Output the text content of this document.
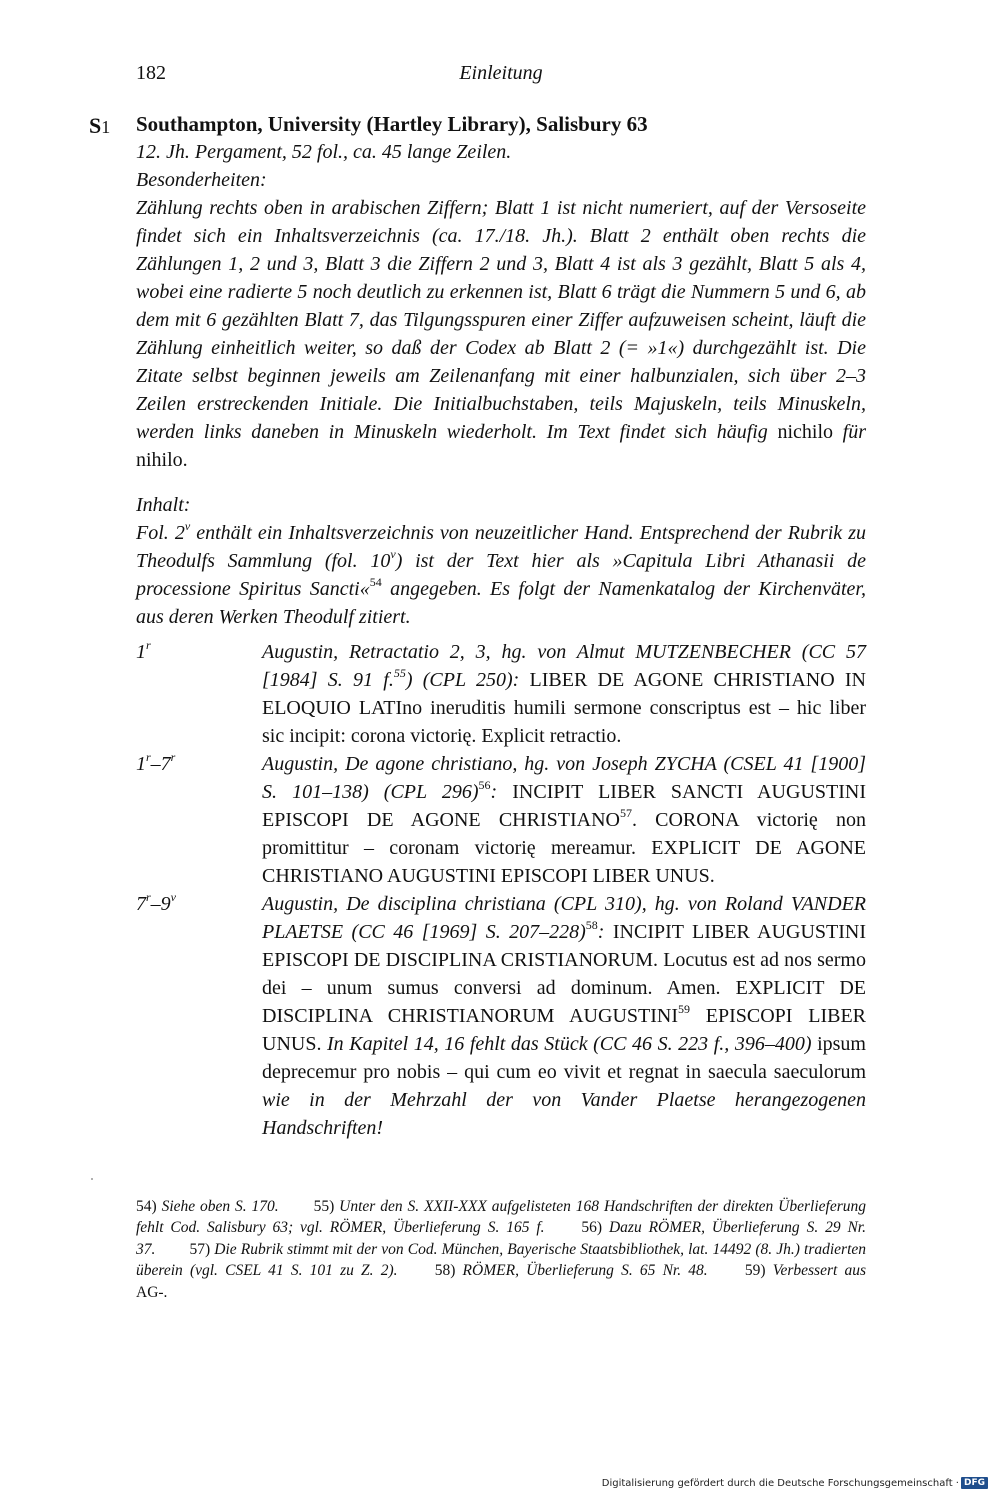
182	Einleitung
S1 Southampton, University (Hartley Library), Salisbury 63

12. Jh. Pergament, 52 fol., ca. 45 lange Zeilen.

Besonderheiten:

Zählung rechts oben in arabischen Ziffern; Blatt 1 ist nicht numeriert, auf der Versoseite findet sich ein Inhaltsverzeichnis (ca. 17./18. Jh.). Blatt 2 enthält oben rechts die Zählungen 1, 2 und 3, Blatt 3 die Ziffern 2 und 3, Blatt 4 ist als 3 gezählt, Blatt 5 als 4, wobei eine radierte 5 noch deutlich zu erkennen ist, Blatt 6 trägt die Nummern 5 und 6, ab dem mit 6 gezählten Blatt 7, das Tilgungsspuren einer Ziffer aufzuweisen scheint, läuft die Zählung einheitlich weiter, so daß der Codex ab Blatt 2 (= »1«) durchgezählt ist. Die Zitate selbst beginnen jeweils am Zeilenanfang mit einer halbunzialen, sich über 2–3 Zeilen erstreckenden Initiale. Die Initialbuchstaben, teils Majuskeln, teils Minuskeln, werden links daneben in Minuskeln wiederholt. Im Text findet sich häufig nichilo für nihilo.

Inhalt:

Fol. 2$^v$ enthält ein Inhaltsverzeichnis von neuzeitlicher Hand. Entsprechend der Rubrik zu Theodulfs Sammlung (fol. 10$^v$) ist der Text hier als »Capitula Libri Athanasii de processione Spiritus Sancti«$^{54}$ angegeben. Es folgt der Namenkatalog der Kirchenväter, aus deren Werken Theodulf zitiert.

1$^r$	Augustin, Retractatio 2, 3, hg. von Almut MUTZENBECHER (CC 57 [1984] S. 91 f.$^{55}$) (CPL 250): LIBER DE AGONE CHRISTIANO IN ELOQUIO LATIno ineruditis humili sermone conscriptus est – hic liber sic incipit: corona victorię. Explicit retractio.
1$^r$–7$^r$	Augustin, De agone christiano, hg. von Joseph ZYCHA (CSEL 41 [1900] S. 101–138) (CPL 296)$^{56}$: INCIPIT LIBER SANCTI AUGUSTINI EPISCOPI DE AGONE CHRISTIANO$^{57}$. CORONA victorię non promittitur – coronam victorię mereamur. EXPLICIT DE AGONE CHRISTIANO AUGUSTINI EPISCOPI LIBER UNUS.
7$^r$–9$^v$	Augustin, De disciplina christiana (CPL 310), hg. von Roland VANDER PLAETSE (CC 46 [1969] S. 207–228)$^{58}$: INCIPIT LIBER AUGUSTINI EPISCOPI DE DISCIPLINA CRISTIANORUM. Locutus est ad nos sermo dei – unum sumus conversi ad dominum. Amen. EXPLICIT DE DISCIPLINA CHRISTIANORUM AUGUSTINI$^{59}$ EPISCOPI LIBER UNUS. In Kapitel 14, 16 fehlt das Stück (CC 46 S. 223 f., 396–400) ipsum deprecemur pro nobis – qui cum eo vivit et regnat in saecula saeculorum wie in der Mehrzahl der von Vander Plaetse herangezogenen Handschriften!
54) Siehe oben S. 170. 55) Unter den S. XXII-XXX aufgelisteten 168 Handschriften der direkten Überlieferung fehlt Cod. Salisbury 63; vgl. RÖMER, Überlieferung S. 165 f. 56) Dazu RÖMER, Überlieferung S. 29 Nr. 37. 57) Die Rubrik stimmt mit der von Cod. München, Bayerische Staatsbibliothek, lat. 14492 (8. Jh.) tradierten überein (vgl. CSEL 41 S. 101 zu Z. 2). 58) RÖMER, Überlieferung S. 65 Nr. 48. 59) Verbessert aus AG-.
Digitalisierung gefördert durch die Deutsche Forschungsgemeinschaft · DFG
